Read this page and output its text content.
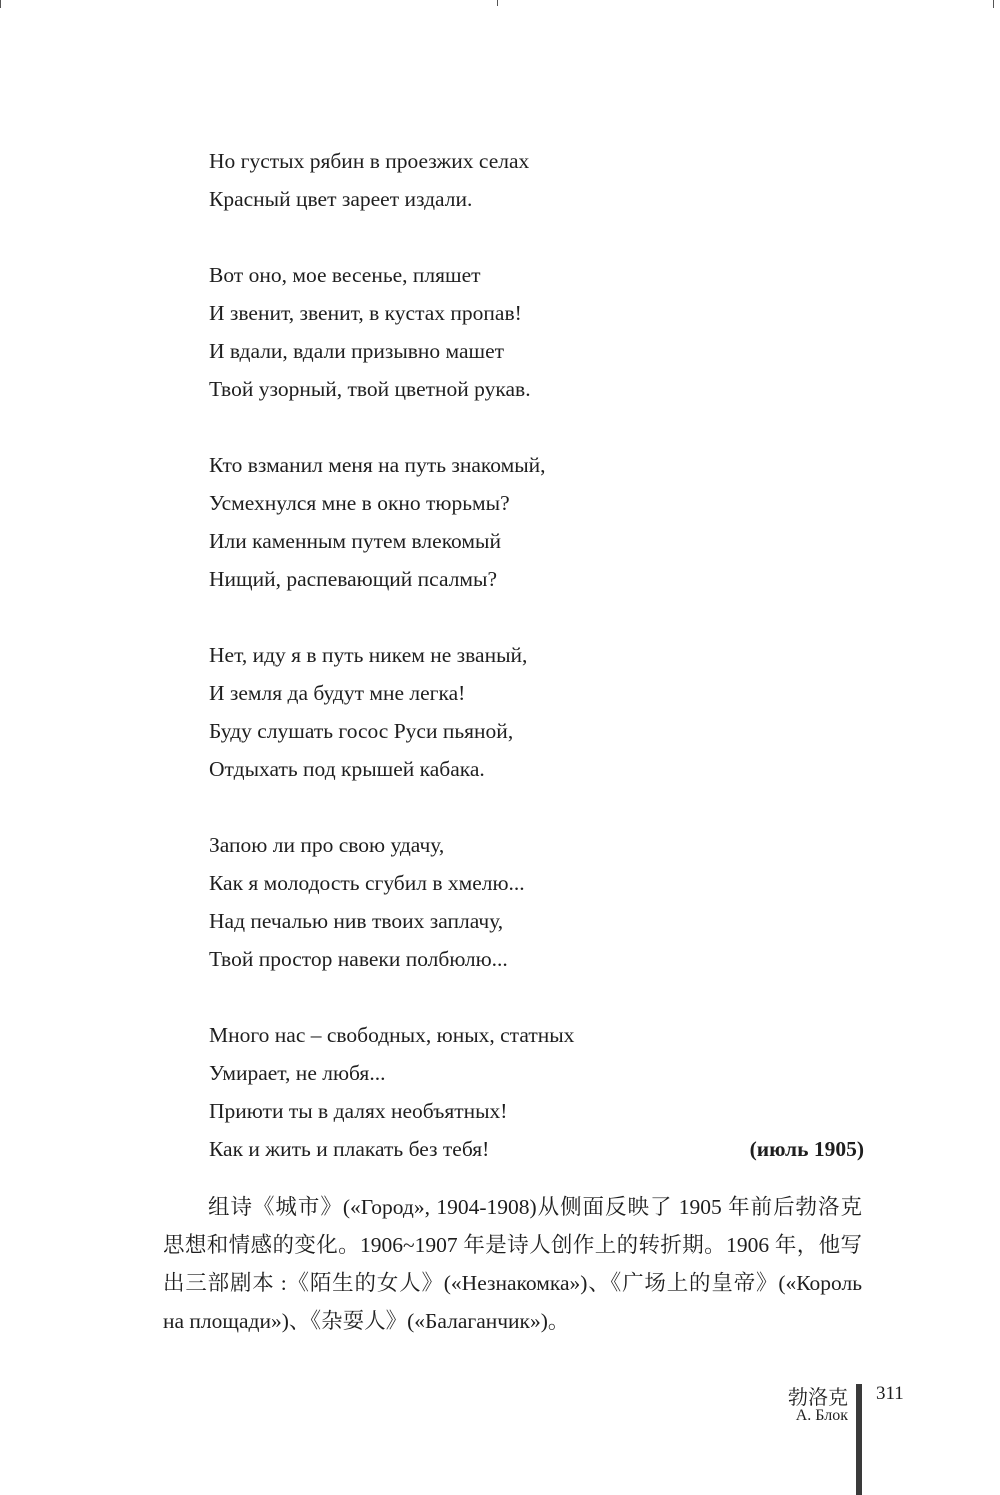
Но густых рябин в проезжих селах
Красный цвет зареет издали.
Вот оно, мое весенье, пляшет
И звенит, звенит, в кустах пропав!
И вдали, вдали призывно машет
Твой узорный, твой цветной рукав.
Кто взманил меня на путь знакомый,
Усмехнулся мне в окно тюрьмы?
Или каменным путем влекомый
Нищий, распевающий псалмы?
Нет, иду я в путь никем не званый,
И земля да будут мне легка!
Буду слушать госос Руси пьяной,
Отдыхать под крышей кабака.
Запою ли про свою удачу,
Как я молодость сгубил в хмелю...
Над печалью нив твоих заплачу,
Твой простор навеки полбюлю...
Много нас – свободных, юных, статных
Умирает, не любя...
Приюти ты в далях необъятных!
Как и жить и плакать без тебя!	(июль 1905)

组诗《城市》(«Город», 1904-1908)从侧面反映了 1905 年前后勃洛克思想和情感的变化。1906~1907 年是诗人创作上的转折期。1906 年，他写出三部剧本 :《陌生的女人》(«Незнакомка»)、《广场上的皇帝》(«Король на площади»)、《杂耍人》(«Балаганчик»)。

勃洛克
А. Блок
311
